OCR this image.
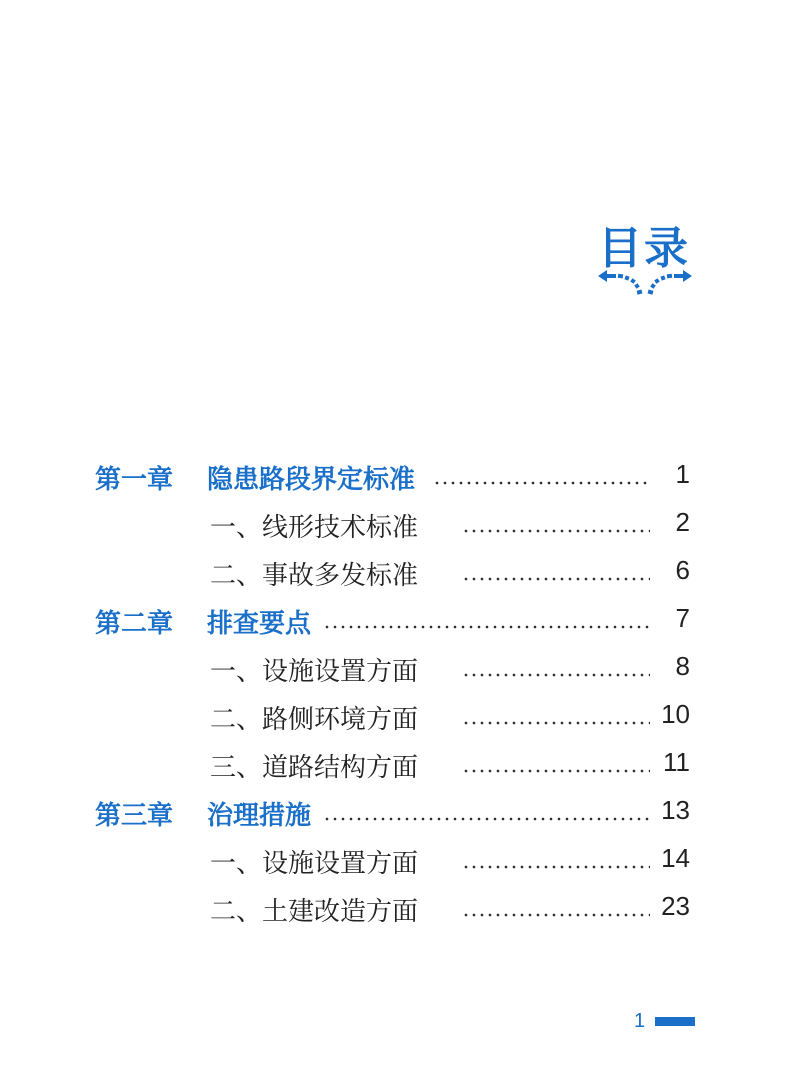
目录
第一章 隐患路段界定标准	1
一、线形技术标准	2
二、事故多发标准	6
第二章 排查要点	7
一、设施设置方面	8
二、路侧环境方面	10
三、道路结构方面	11
第三章 治理措施	13
一、设施设置方面	14
二、土建改造方面	23
1
